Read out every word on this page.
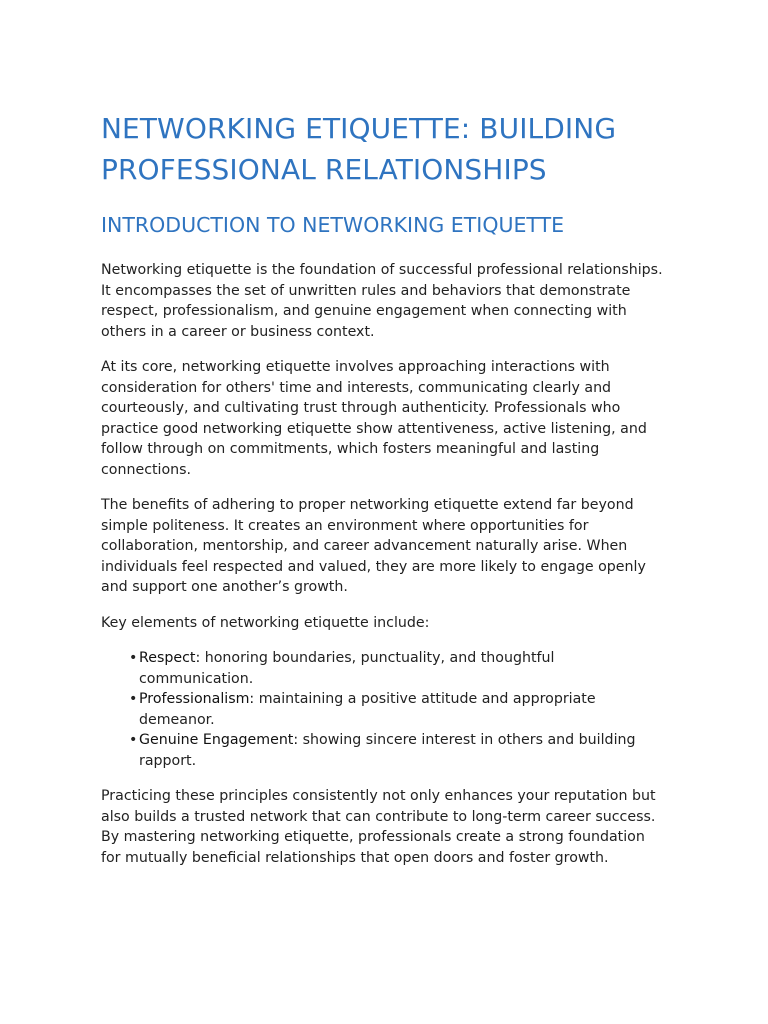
NETWORKING ETIQUETTE: BUILDING PROFESSIONAL RELATIONSHIPS
INTRODUCTION TO NETWORKING ETIQUETTE

Networking etiquette is the foundation of successful professional relationships. It encompasses the set of unwritten rules and behaviors that demonstrate respect, professionalism, and genuine engagement when connecting with others in a career or business context.

At its core, networking etiquette involves approaching interactions with consideration for others' time and interests, communicating clearly and courteously, and cultivating trust through authenticity. Professionals who practice good networking etiquette show attentiveness, active listening, and follow through on commitments, which fosters meaningful and lasting connections.

The benefits of adhering to proper networking etiquette extend far beyond simple politeness. It creates an environment where opportunities for collaboration, mentorship, and career advancement naturally arise. When individuals feel respected and valued, they are more likely to engage openly and support one another’s growth.

Key elements of networking etiquette include:

• Respect: honoring boundaries, punctuality, and thoughtful communication.
• Professionalism: maintaining a positive attitude and appropriate demeanor.
• Genuine Engagement: showing sincere interest in others and building rapport.

Practicing these principles consistently not only enhances your reputation but also builds a trusted network that can contribute to long-term career success. By mastering networking etiquette, professionals create a strong foundation for mutually beneficial relationships that open doors and foster growth.
